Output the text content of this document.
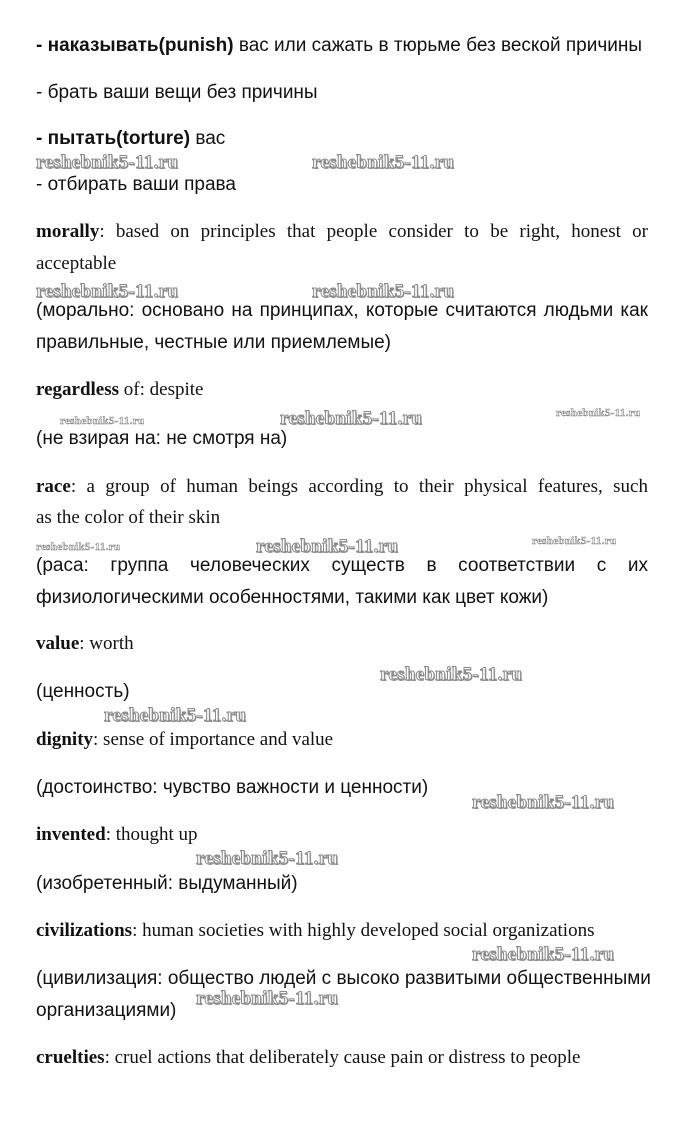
- наказывать(punish) вас или сажать в тюрьме без веской причины
- брать ваши вещи без причины
- пытать(torture) вас
- отбирать ваши права
morally: based on principles that people consider to be right, honest or
acceptable
(морально: основано на принципах, которые считаются людьми как
правильные, честные или приемлемые)
regardless of: despite
(не взирая на: не смотря на)
race: a group of human beings according to their physical features, such
as the color of their skin
(раса: группа человеческих существ в соответствии с их
физиологическими особенностями, такими как цвет кожи)
value: worth
(ценность)
dignity: sense of importance and value
(достоинство: чувство важности и ценности)
invented: thought up
(изобретенный: выдуманный)
civilizations: human societies with highly developed social organizations
(цивилизация: общество людей с высоко развитыми общественными
организациями)
cruelties: cruel actions that deliberately cause pain or distress to people
reshebnik5-11.ru	reshebnik5-11.ru
reshebnik5-11.ru	reshebnik5-11.ru
reshebnik5-11.ru	reshebnik5-11.ru	reshebnik5-11.ru
reshebnik5-11.ru	reshebnik5-11.ru	reshebnik5-11.ru
reshebnik5-11.ru
reshebnik5-11.ru
reshebnik5-11.ru
reshebnik5-11.ru
reshebnik5-11.ru
reshebnik5-11.ru
